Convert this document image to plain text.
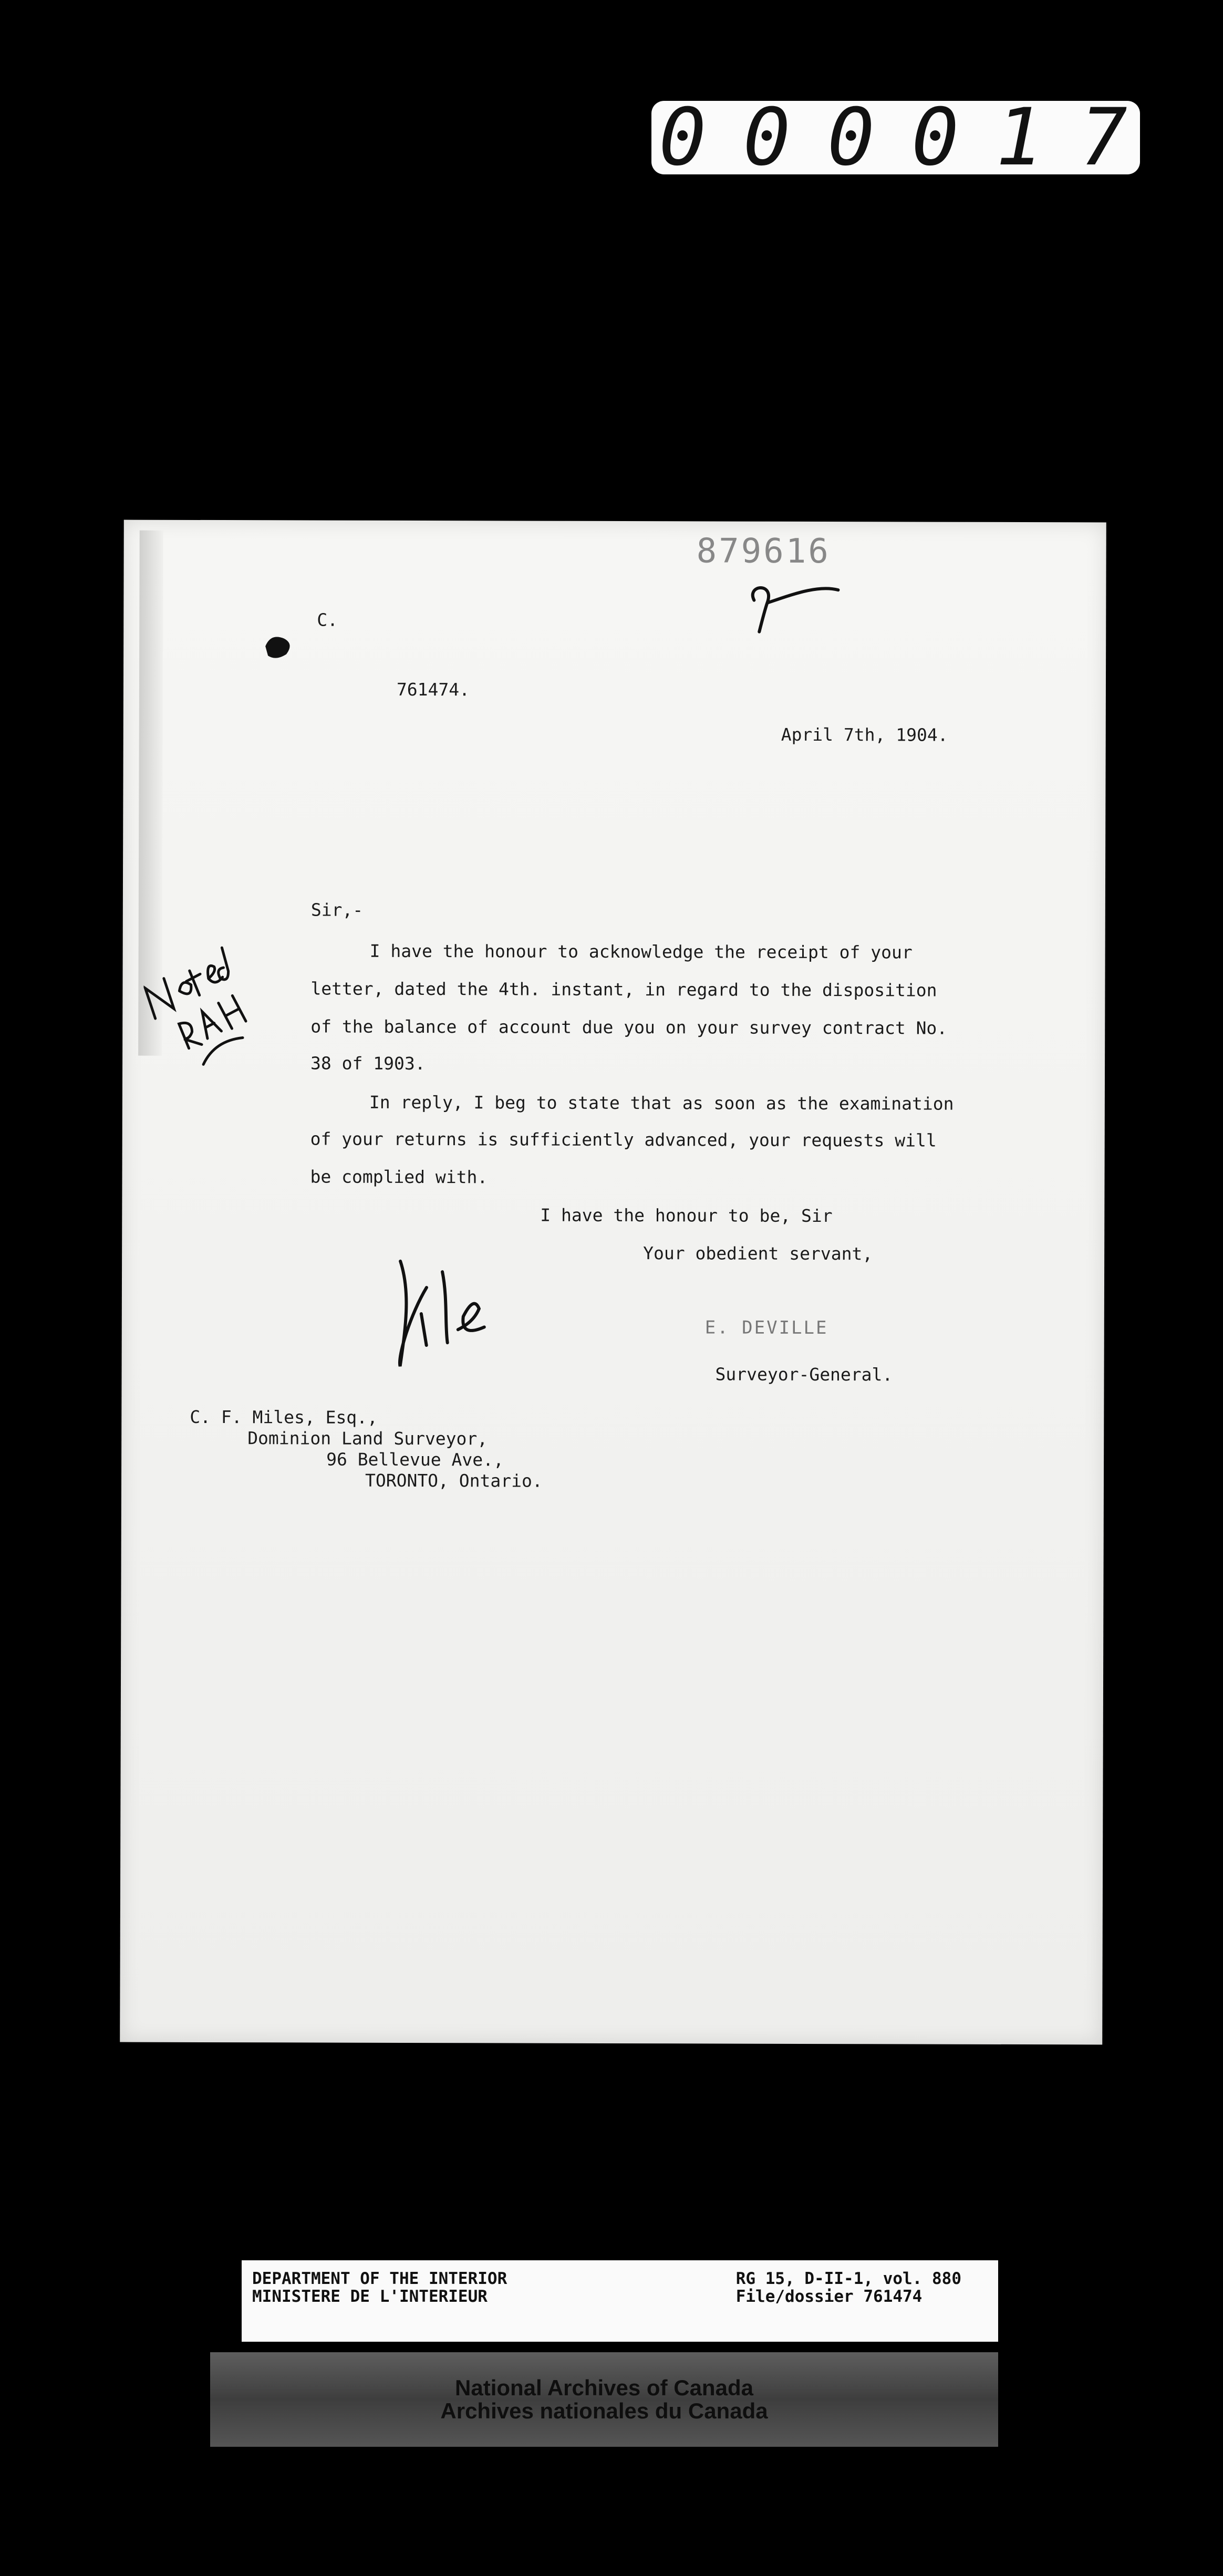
000017
879616
C.
761474.
April 7th, 1904.
Sir,-
I have the honour to acknowledge the receipt of your
letter, dated the 4th. instant, in regard to the disposition
of the balance of account due you on your survey contract No.
38 of 1903.
In reply, I beg to state that as soon as the examination
of your returns is sufficiently advanced, your requests will
be complied with.
I have the honour to be, Sir
Your obedient servant,
E. DEVILLE
Surveyor-General.
C. F. Miles, Esq.,
Dominion Land Surveyor,
96 Bellevue Ave.,
TORONTO, Ontario.
DEPARTMENT OF THE INTERIOR
MINISTERE DE L'INTERIEUR
RG 15, D-II-1, vol. 880
File/dossier 761474
National Archives of Canada
Archives nationales du Canada
